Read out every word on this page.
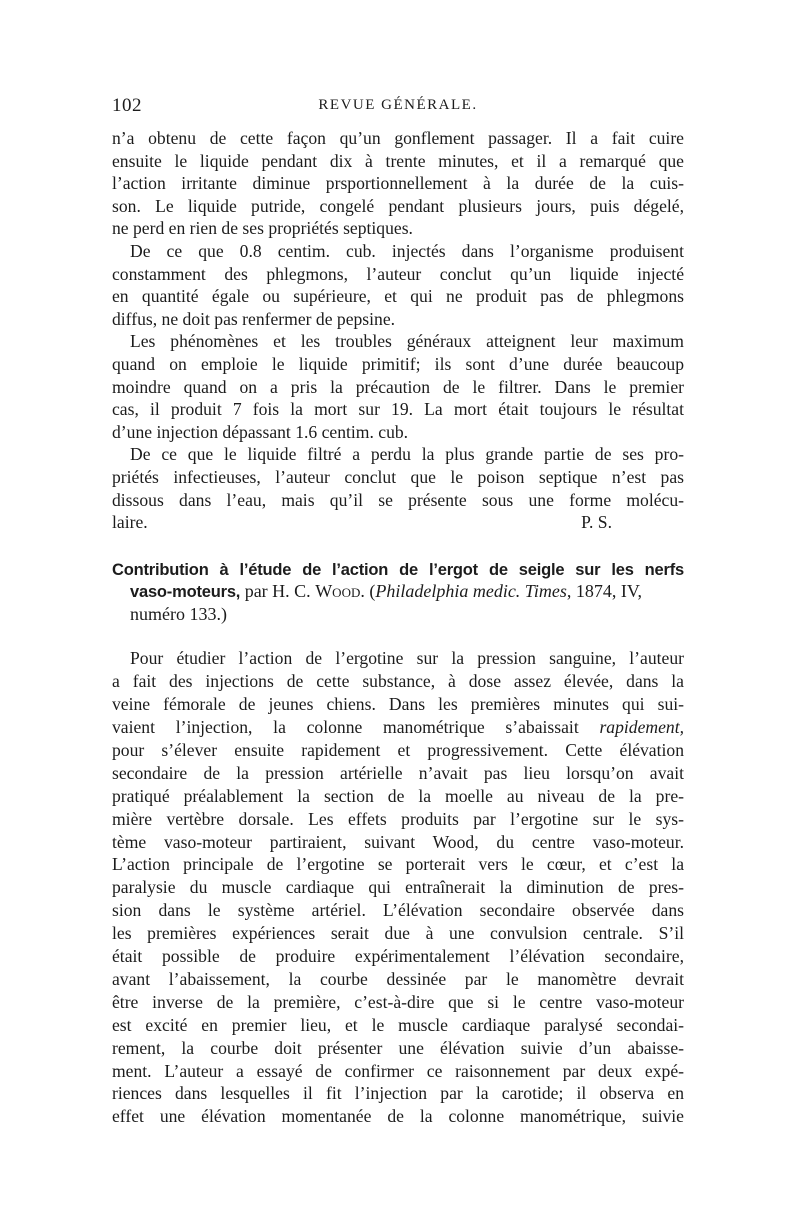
102	REVUE GÉNÉRALE.
n’a obtenu de cette façon qu’un gonflement passager. Il a fait cuire
ensuite le liquide pendant dix à trente minutes, et il a remarqué que
l’action irritante diminue prsportionnellement à la durée de la cuis-
son. Le liquide putride, congelé pendant plusieurs jours, puis dégelé,
ne perd en rien de ses propriétés septiques.
De ce que 0.8 centim. cub. injectés dans l’organisme produisent
constamment des phlegmons, l’auteur conclut qu’un liquide injecté
en quantité égale ou supérieure, et qui ne produit pas de phlegmons
diffus, ne doit pas renfermer de pepsine.
Les phénomènes et les troubles généraux atteignent leur maximum
quand on emploie le liquide primitif; ils sont d’une durée beaucoup
moindre quand on a pris la précaution de le filtrer. Dans le premier
cas, il produit 7 fois la mort sur 19. La mort était toujours le résultat
d’une injection dépassant 1.6 centim. cub.
De ce que le liquide filtré a perdu la plus grande partie de ses pro-
priétés infectieuses, l’auteur conclut que le poison septique n’est pas
dissous dans l’eau, mais qu’il se présente sous une forme molécu-
laire.	P. S.
Contribution à l’étude de l’action de l’ergot de seigle sur les nerfs
vaso-moteurs, par H. C. Wood. (Philadelphia medic. Times, 1874, IV,
numéro 133.)
Pour étudier l’action de l’ergotine sur la pression sanguine, l’auteur
a fait des injections de cette substance, à dose assez élevée, dans la
veine fémorale de jeunes chiens. Dans les premières minutes qui sui-
vaient l’injection, la colonne manométrique s’abaissait rapidement,
pour s’élever ensuite rapidement et progressivement. Cette élévation
secondaire de la pression artérielle n’avait pas lieu lorsqu’on avait
pratiqué préalablement la section de la moelle au niveau de la pre-
mière vertèbre dorsale. Les effets produits par l’ergotine sur le sys-
tème vaso-moteur partiraient, suivant Wood, du centre vaso-moteur.
L’action principale de l’ergotine se porterait vers le cœur, et c’est la
paralysie du muscle cardiaque qui entraînerait la diminution de pres-
sion dans le système artériel. L’élévation secondaire observée dans
les premières expériences serait due à une convulsion centrale. S’il
était possible de produire expérimentalement l’élévation secondaire,
avant l’abaissement, la courbe dessinée par le manomètre devrait
être inverse de la première, c’est-à-dire que si le centre vaso-moteur
est excité en premier lieu, et le muscle cardiaque paralysé secondai-
rement, la courbe doit présenter une élévation suivie d’un abaisse-
ment. L’auteur a essayé de confirmer ce raisonnement par deux expé-
riences dans lesquelles il fit l’injection par la carotide; il observa en
effet une élévation momentanée de la colonne manométrique, suivie
